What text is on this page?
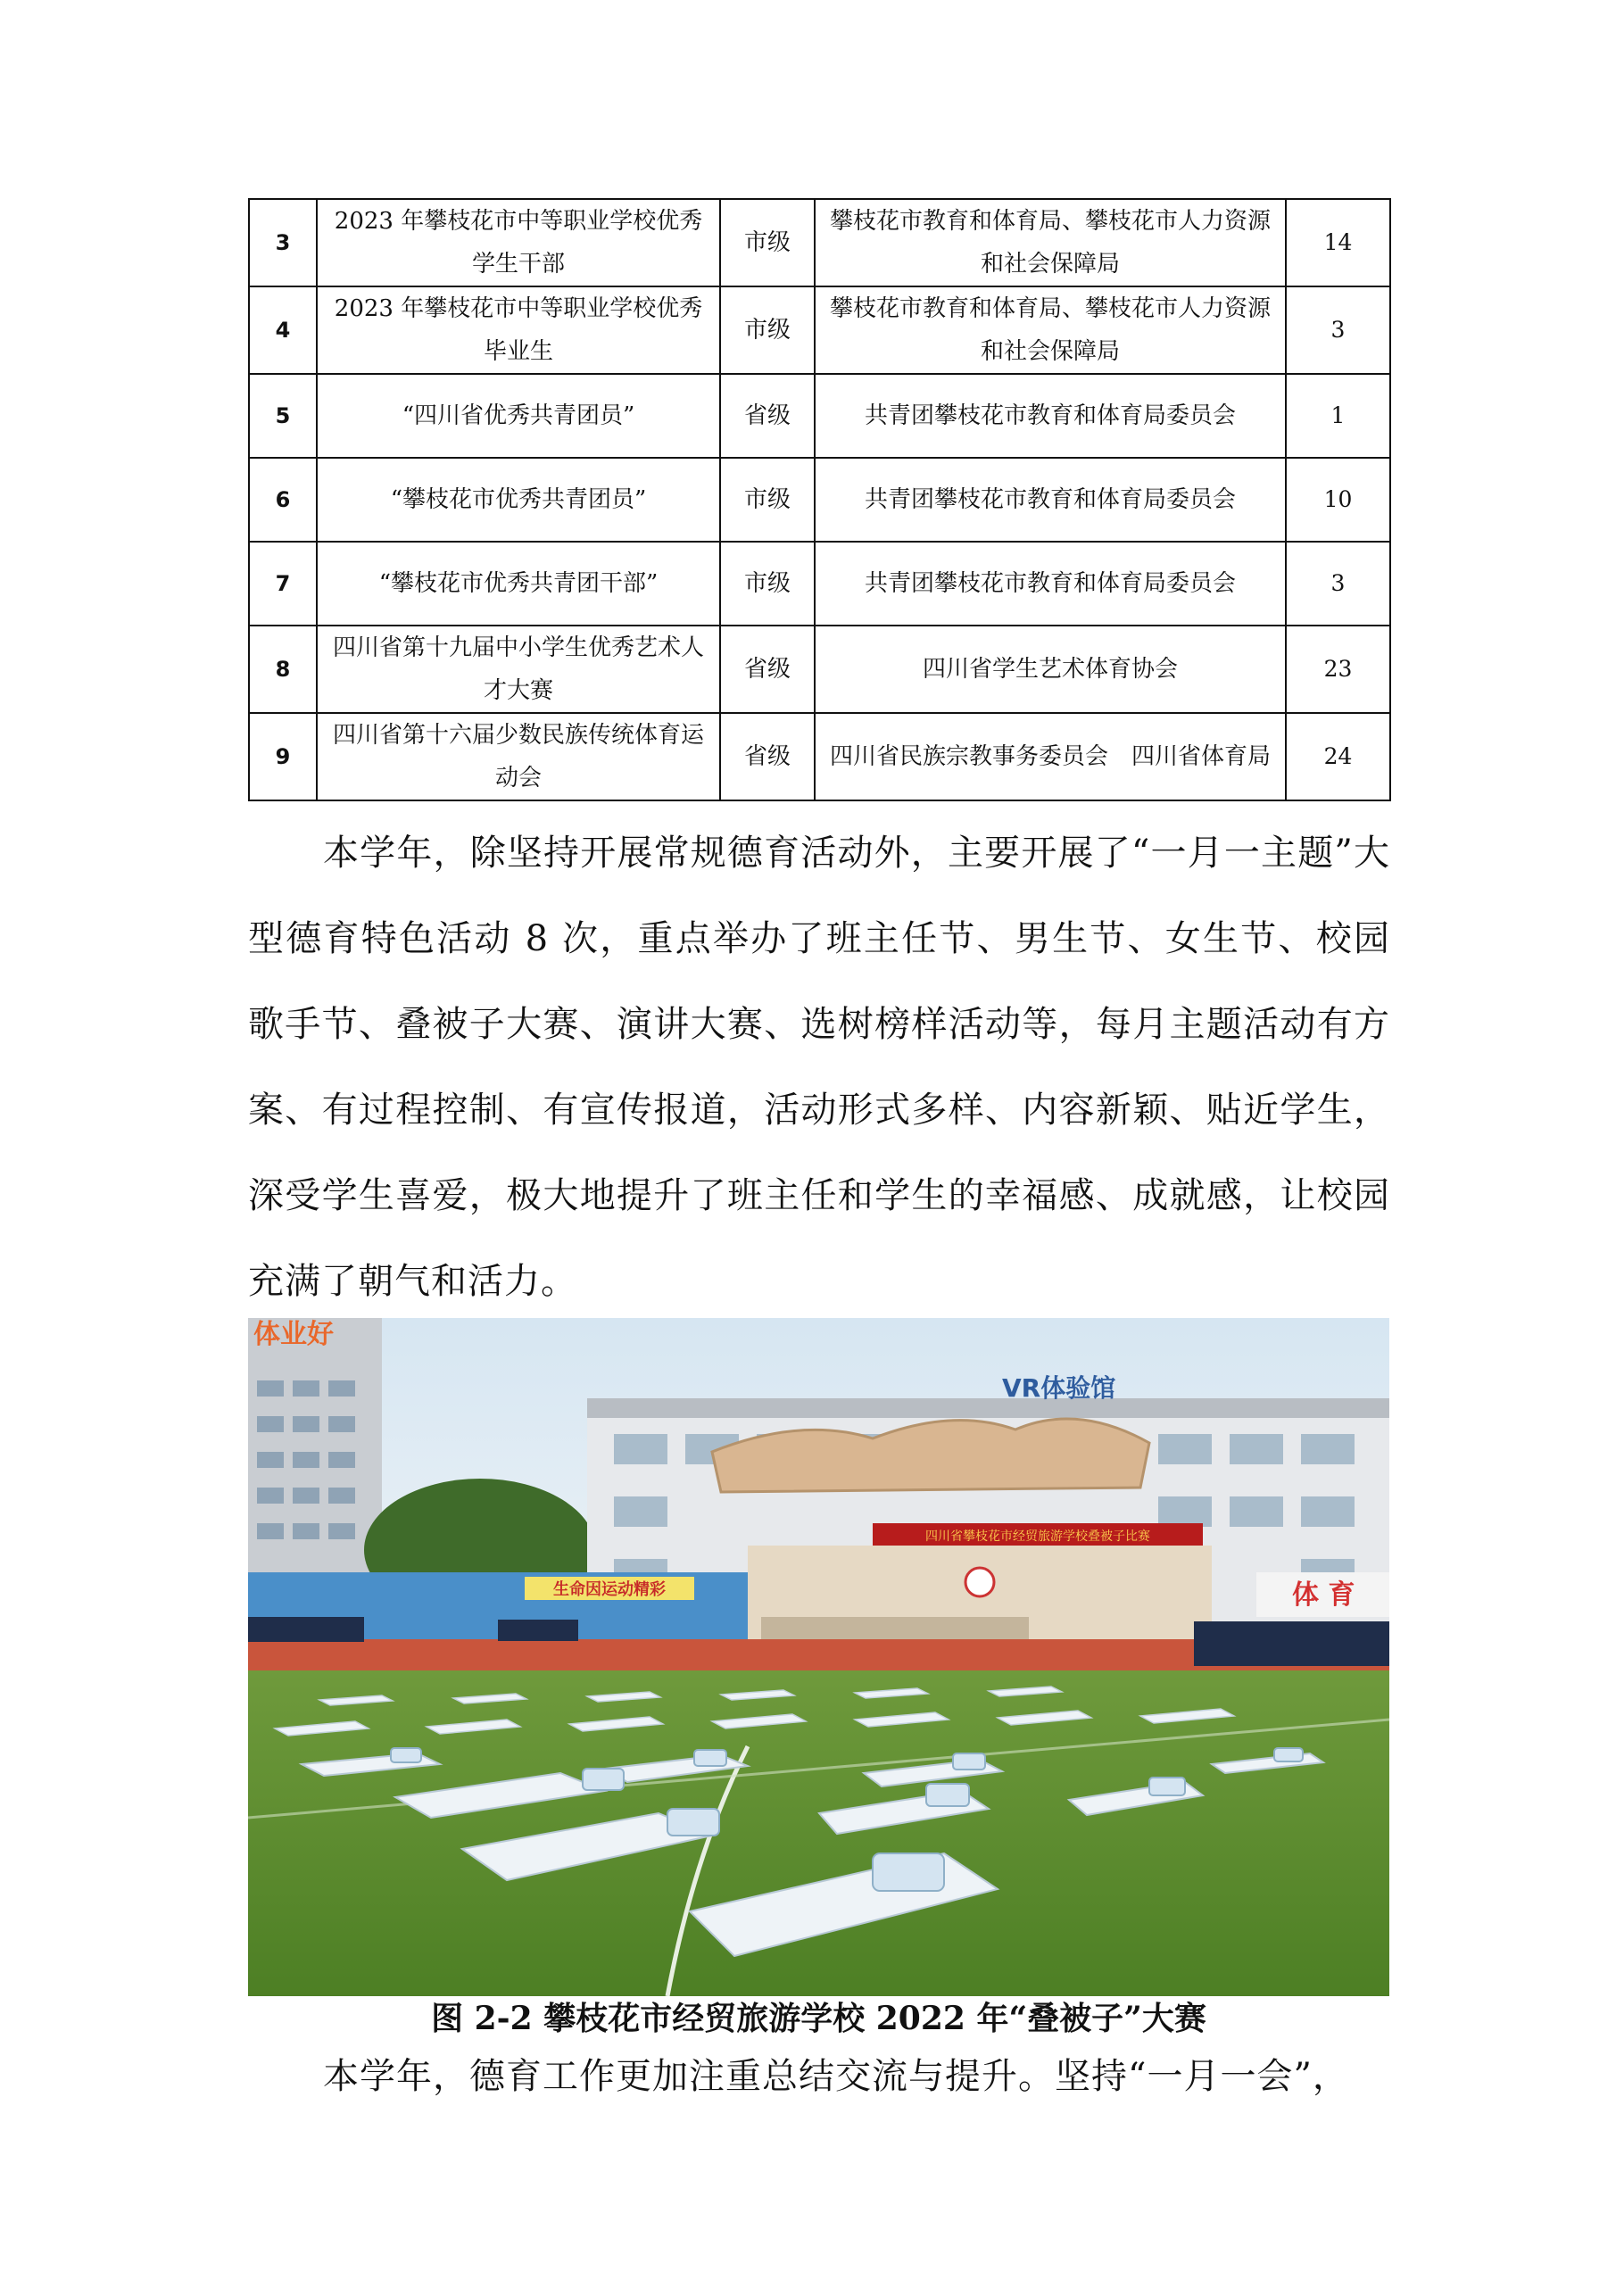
3	2023 年攀枝花市中等职业学校优秀学生干部	市级	攀枝花市教育和体育局、攀枝花市人力资源和社会保障局	14
4	2023 年攀枝花市中等职业学校优秀毕业生	市级	攀枝花市教育和体育局、攀枝花市人力资源和社会保障局	3
5	“四川省优秀共青团员”	省级	共青团攀枝花市教育和体育局委员会	1
6	“攀枝花市优秀共青团员”	市级	共青团攀枝花市教育和体育局委员会	10
7	“攀枝花市优秀共青团干部”	市级	共青团攀枝花市教育和体育局委员会	3
8	四川省第十九届中小学生优秀艺术人才大赛	省级	四川省学生艺术体育协会	23
9	四川省第十六届少数民族传统体育运动会	省级	四川省民族宗教事务委员会　四川省体育局	24

本学年，除坚持开展常规德育活动外，主要开展了“一月一主题”大型德育特色活动 8 次，重点举办了班主任节、男生节、女生节、校园歌手节、叠被子大赛、演讲大赛、选树榜样活动等，每月主题活动有方案、有过程控制、有宣传报道，活动形式多样、内容新颖、贴近学生，深受学生喜爱，极大地提升了班主任和学生的幸福感、成就感，让校园充满了朝气和活力。

体业好
VR体验馆
四川省攀枝花市经贸旅游学校叠被子比赛
生命因运动精彩	体 育

图 2-2 攀枝花市经贸旅游学校 2022 年“叠被子”大赛

本学年，德育工作更加注重总结交流与提升。坚持“一月一会”，
